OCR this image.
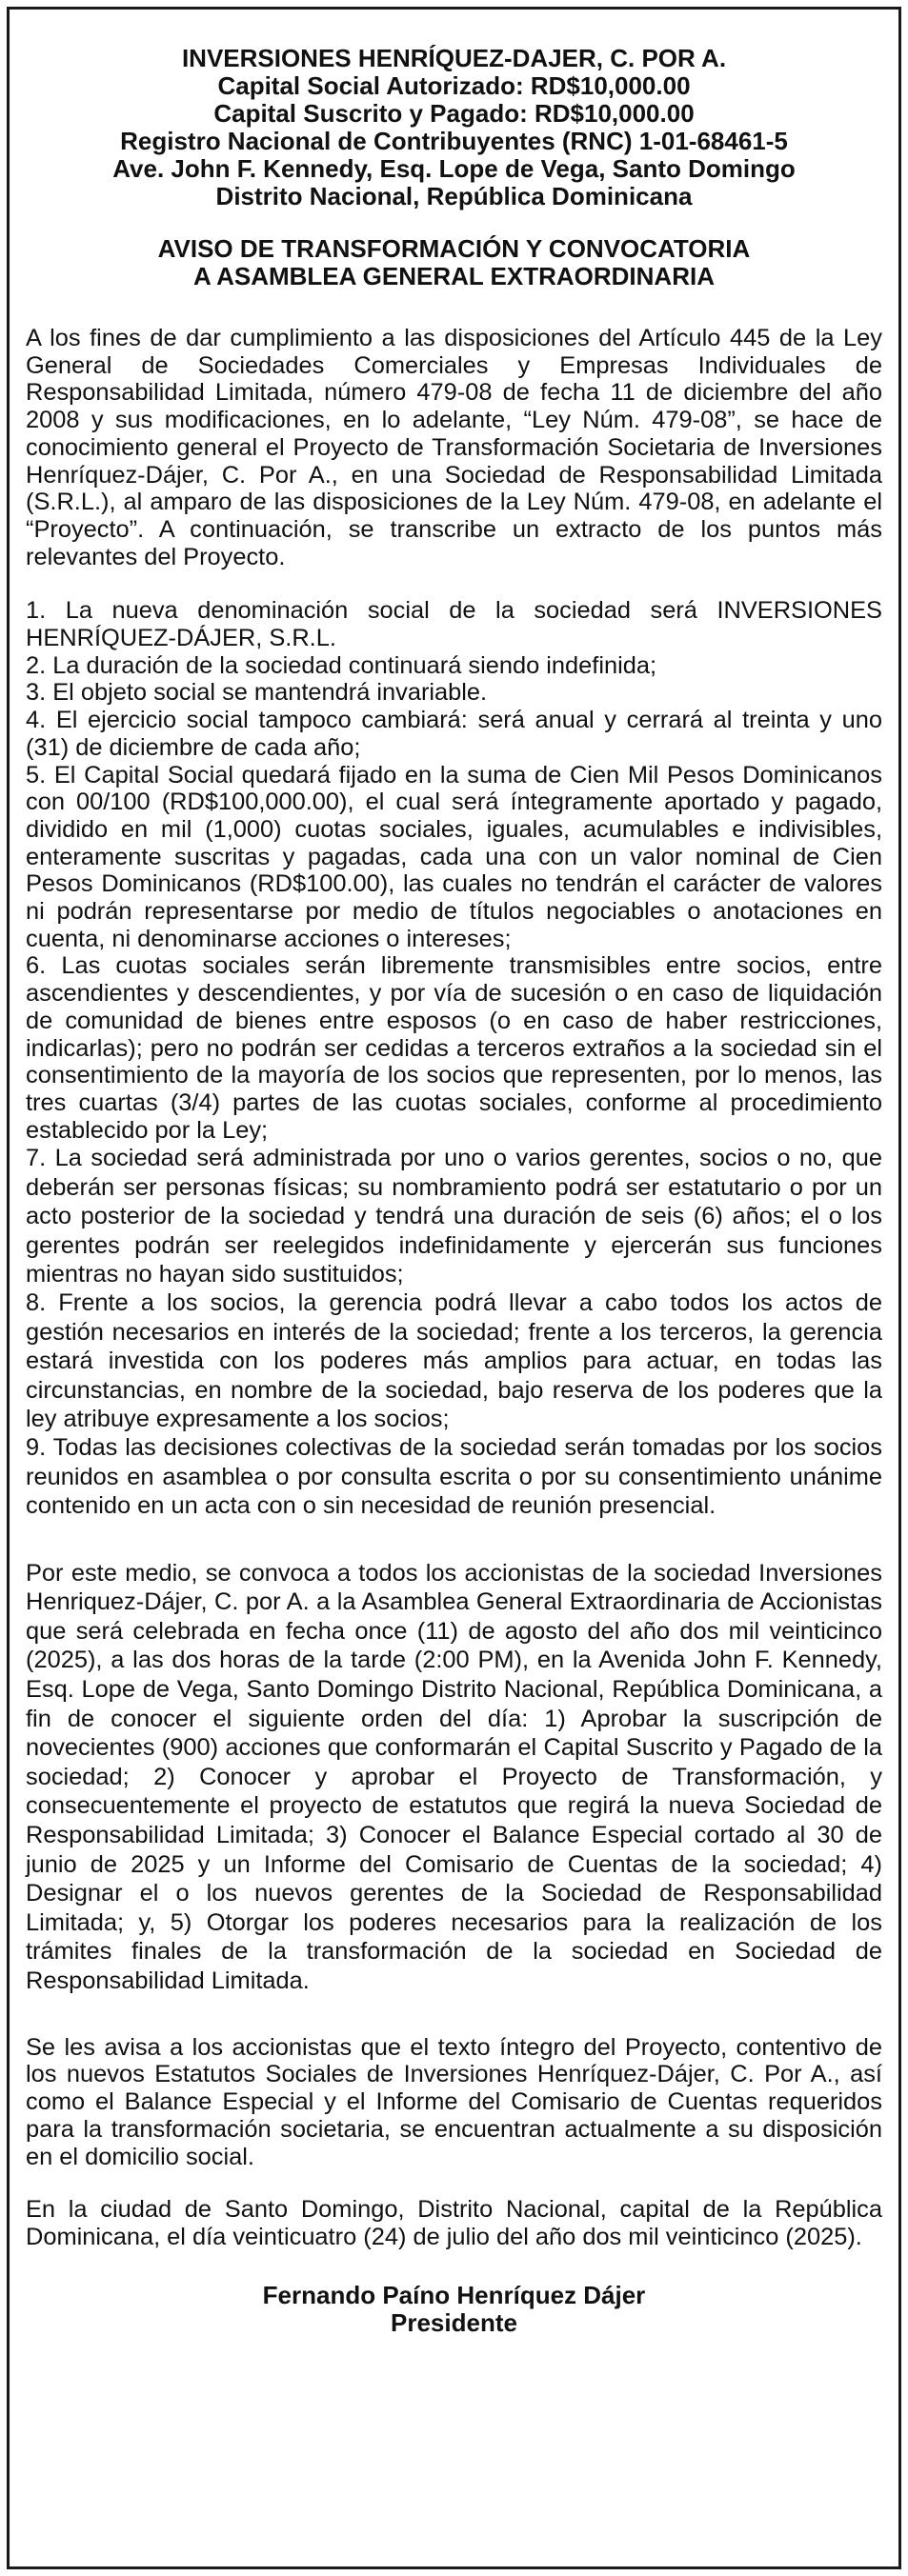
INVERSIONES HENRÍQUEZ-DAJER, C. POR A.
Capital Social Autorizado: RD$10,000.00
Capital Suscrito y Pagado: RD$10,000.00
Registro Nacional de Contribuyentes (RNC) 1-01-68461-5
Ave. John F. Kennedy, Esq. Lope de Vega, Santo Domingo
Distrito Nacional, República Dominicana
AVISO DE TRANSFORMACIÓN Y CONVOCATORIA
A ASAMBLEA GENERAL EXTRAORDINARIA

A los fines de dar cumplimiento a las disposiciones del Artículo 445 de la Ley General de Sociedades Comerciales y Empresas Individuales de Responsabilidad Limitada, número 479-08 de fecha 11 de diciembre del año 2008 y sus modificaciones, en lo adelante, “Ley Núm. 479-08”, se hace de conocimiento general el Proyecto de Transformación Societaria de Inversiones Henríquez-Dájer, C. Por A., en una Sociedad de Responsabilidad Limitada (S.R.L.), al amparo de las disposiciones de la Ley Núm. 479-08, en adelante el “Proyecto”. A continuación, se transcribe un extracto de los puntos más relevantes del Proyecto.

1. La nueva denominación social de la sociedad será INVERSIONES HENRÍQUEZ-DÁJER, S.R.L.

2. La duración de la sociedad continuará siendo indefinida;

3. El objeto social se mantendrá invariable.

4. El ejercicio social tampoco cambiará: será anual y cerrará al treinta y uno (31) de diciembre de cada año;

5. El Capital Social quedará fijado en la suma de Cien Mil Pesos Dominicanos con 00/100 (RD$100,000.00), el cual será íntegramente aportado y pagado, dividido en mil (1,000) cuotas sociales, iguales, acumulables e indivisibles, enteramente suscritas y pagadas, cada una con un valor nominal de Cien Pesos Dominicanos (RD$100.00), las cuales no tendrán el carácter de valores ni podrán representarse por medio de títulos negociables o anotaciones en cuenta, ni denominarse acciones o intereses;

6. Las cuotas sociales serán libremente transmisibles entre socios, entre ascendientes y descendientes, y por vía de sucesión o en caso de liquidación de comunidad de bienes entre esposos (o en caso de haber restricciones, indicarlas); pero no podrán ser cedidas a terceros extraños a la sociedad sin el consentimiento de la mayoría de los socios que representen, por lo menos, las tres cuartas (3/4) partes de las cuotas sociales, conforme al procedimiento establecido por la Ley;

7. La sociedad será administrada por uno o varios gerentes, socios o no, que deberán ser personas físicas; su nombramiento podrá ser estatutario o por un acto posterior de la sociedad y tendrá una duración de seis (6) años; el o los gerentes podrán ser reelegidos indefinidamente y ejercerán sus funciones mientras no hayan sido sustituidos;

8. Frente a los socios, la gerencia podrá llevar a cabo todos los actos de gestión necesarios en interés de la sociedad; frente a los terceros, la gerencia estará investida con los poderes más amplios para actuar, en todas las circunstancias, en nombre de la sociedad, bajo reserva de los poderes que la ley atribuye expresamente a los socios;

9. Todas las decisiones colectivas de la sociedad serán tomadas por los socios reunidos en asamblea o por consulta escrita o por su consentimiento unánime contenido en un acta con o sin necesidad de reunión presencial.

Por este medio, se convoca a todos los accionistas de la sociedad Inversiones Henriquez-Dájer, C. por A. a la Asamblea General Extraordinaria de Accionistas que será celebrada en fecha once (11) de agosto del año dos mil veinticinco (2025), a las dos horas de la tarde (2:00 PM), en la Avenida John F. Kennedy, Esq. Lope de Vega, Santo Domingo Distrito Nacional, República Dominicana, a fin de conocer el siguiente orden del día: 1) Aprobar la suscripción de novecientes (900) acciones que conformarán el Capital Suscrito y Pagado de la sociedad; 2) Conocer y aprobar el Proyecto de Transformación, y consecuentemente el proyecto de estatutos que regirá la nueva Sociedad de Responsabilidad Limitada; 3) Conocer el Balance Especial cortado al 30 de junio de 2025 y un Informe del Comisario de Cuentas de la sociedad; 4) Designar el o los nuevos gerentes de la Sociedad de Responsabilidad Limitada; y, 5) Otorgar los poderes necesarios para la realización de los trámites finales de la transformación de la sociedad en Sociedad de Responsabilidad Limitada.

Se les avisa a los accionistas que el texto íntegro del Proyecto, contentivo de los nuevos Estatutos Sociales de Inversiones Henríquez-Dájer, C. Por A., así como el Balance Especial y el Informe del Comisario de Cuentas requeridos para la transformación societaria, se encuentran actualmente a su disposición en el domicilio social.

En la ciudad de Santo Domingo, Distrito Nacional, capital de la República Dominicana, el día veinticuatro (24) de julio del año dos mil veinticinco (2025).

Fernando Paíno Henríquez Dájer
Presidente
